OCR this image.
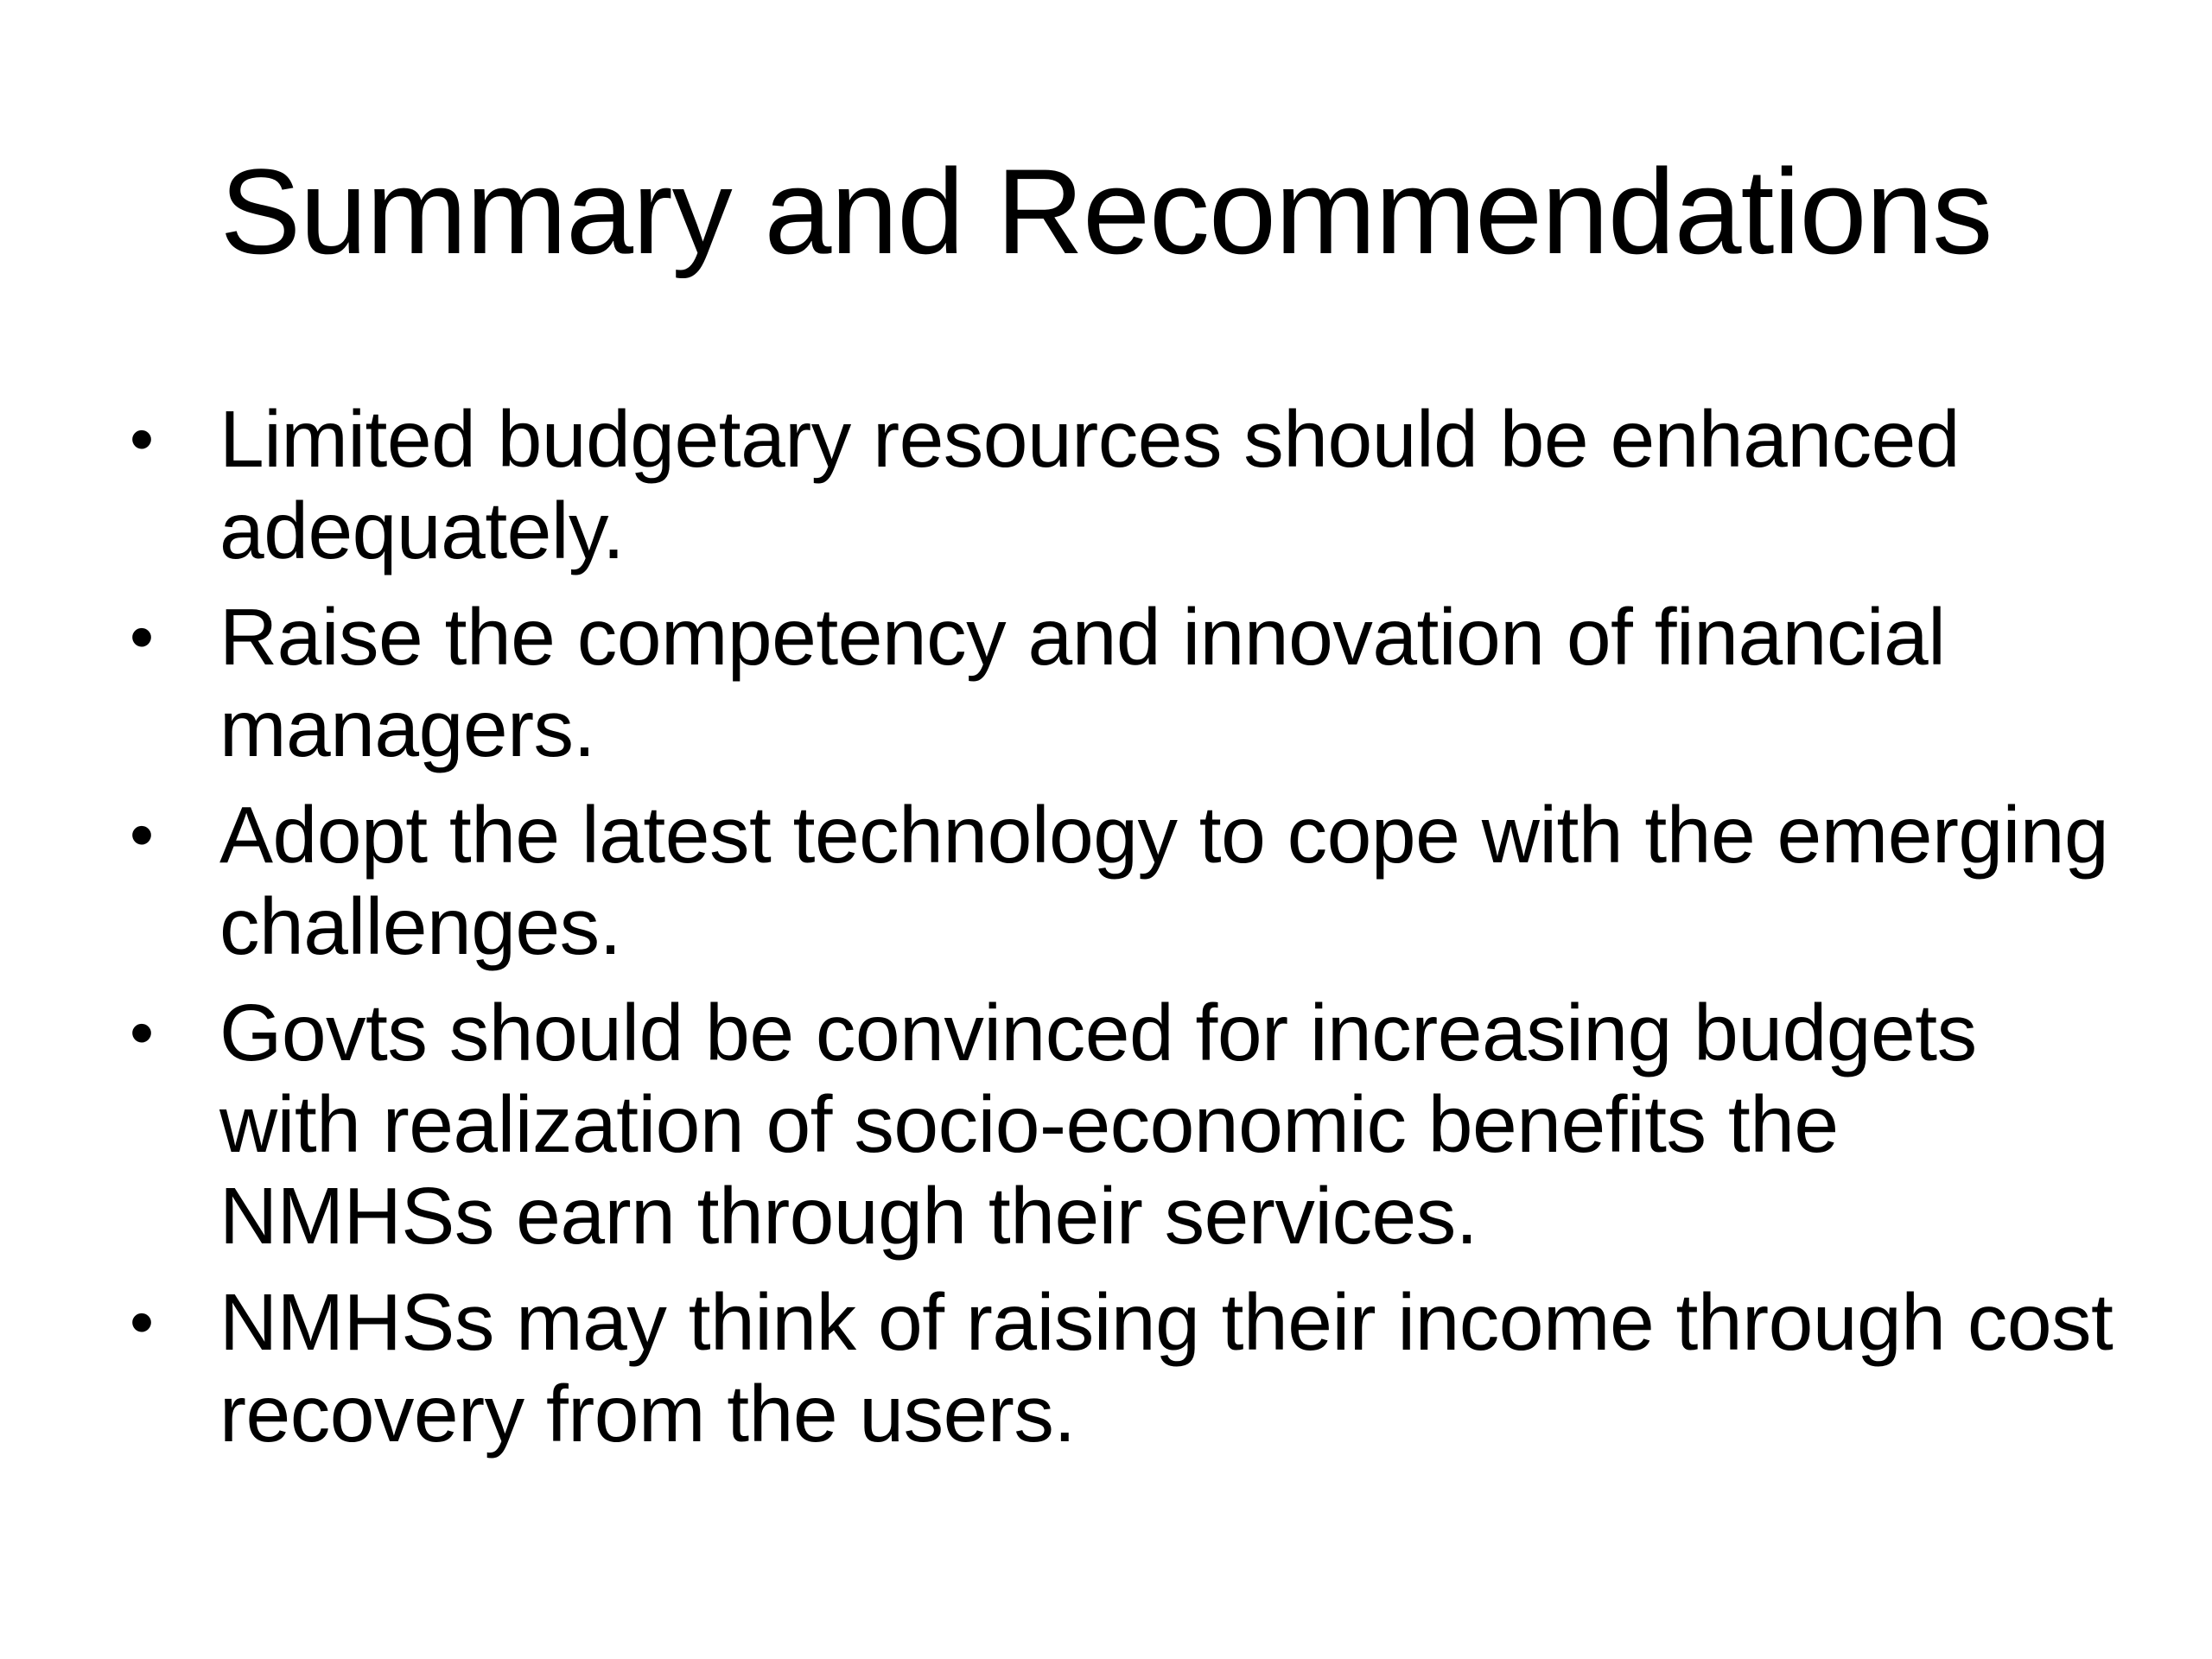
Summary and Recommendations
• Limited budgetary resources should be enhanced adequately.
• Raise the competency and innovation of financial managers.
• Adopt the latest technology to cope with the emerging challenges.
• Govts should be convinced for increasing budgets with realization of socio-economic benefits the NMHSs earn through their services.
• NMHSs may think of raising their income through cost recovery from the users.
